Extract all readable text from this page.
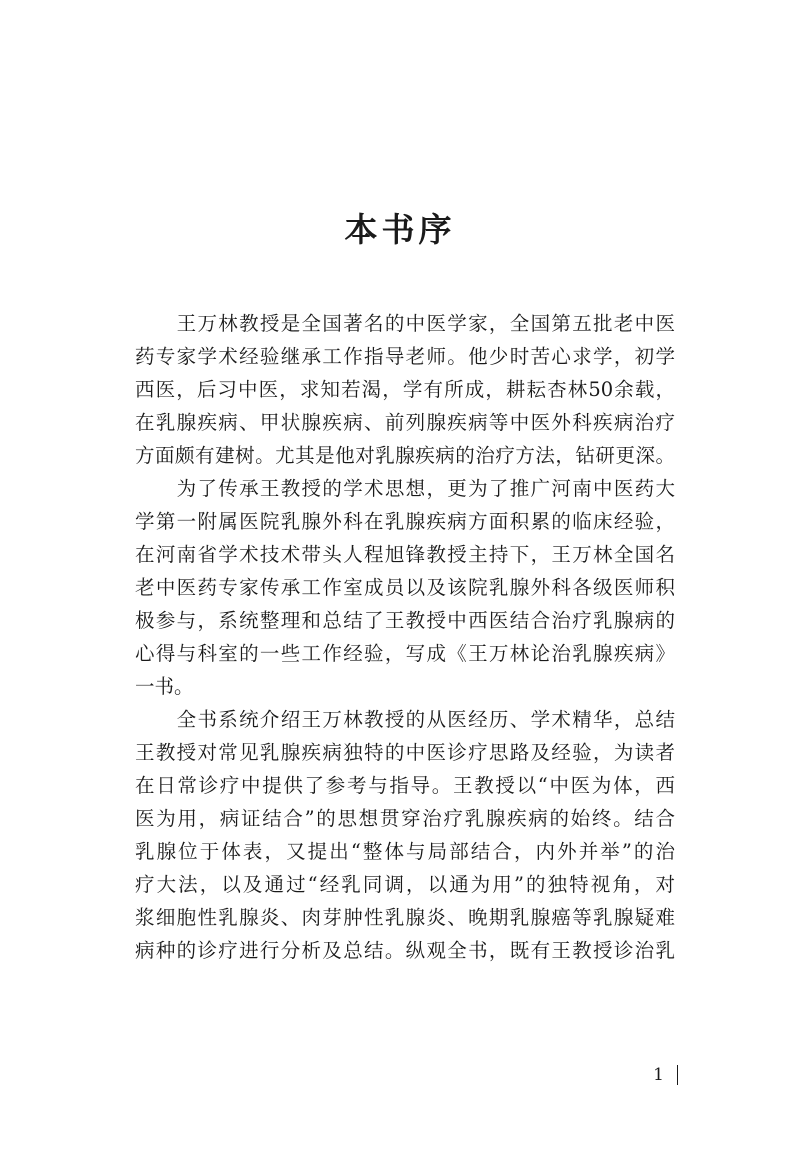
本书序
　　王万林教授是全国著名的中医学家，全国第五批老中医
药专家学术经验继承工作指导老师。他少时苦心求学，初学
西医，后习中医，求知若渴，学有所成，耕耘杏林50余载，
在乳腺疾病、甲状腺疾病、前列腺疾病等中医外科疾病治疗
方面颇有建树。尤其是他对乳腺疾病的治疗方法，钻研更深。
　　为了传承王教授的学术思想，更为了推广河南中医药大
学第一附属医院乳腺外科在乳腺疾病方面积累的临床经验，
在河南省学术技术带头人程旭锋教授主持下，王万林全国名
老中医药专家传承工作室成员以及该院乳腺外科各级医师积
极参与，系统整理和总结了王教授中西医结合治疗乳腺病的
心得与科室的一些工作经验，写成《王万林论治乳腺疾病》
一书。
　　全书系统介绍王万林教授的从医经历、学术精华，总结
王教授对常见乳腺疾病独特的中医诊疗思路及经验，为读者
在日常诊疗中提供了参考与指导。王教授以“中医为体，西
医为用，病证结合”的思想贯穿治疗乳腺疾病的始终。结合
乳腺位于体表，又提出“整体与局部结合，内外并举”的治
疗大法，以及通过“经乳同调，以通为用”的独特视角，对
浆细胞性乳腺炎、肉芽肿性乳腺炎、晚期乳腺癌等乳腺疑难
病种的诊疗进行分析及总结。纵观全书，既有王教授诊治乳
1
